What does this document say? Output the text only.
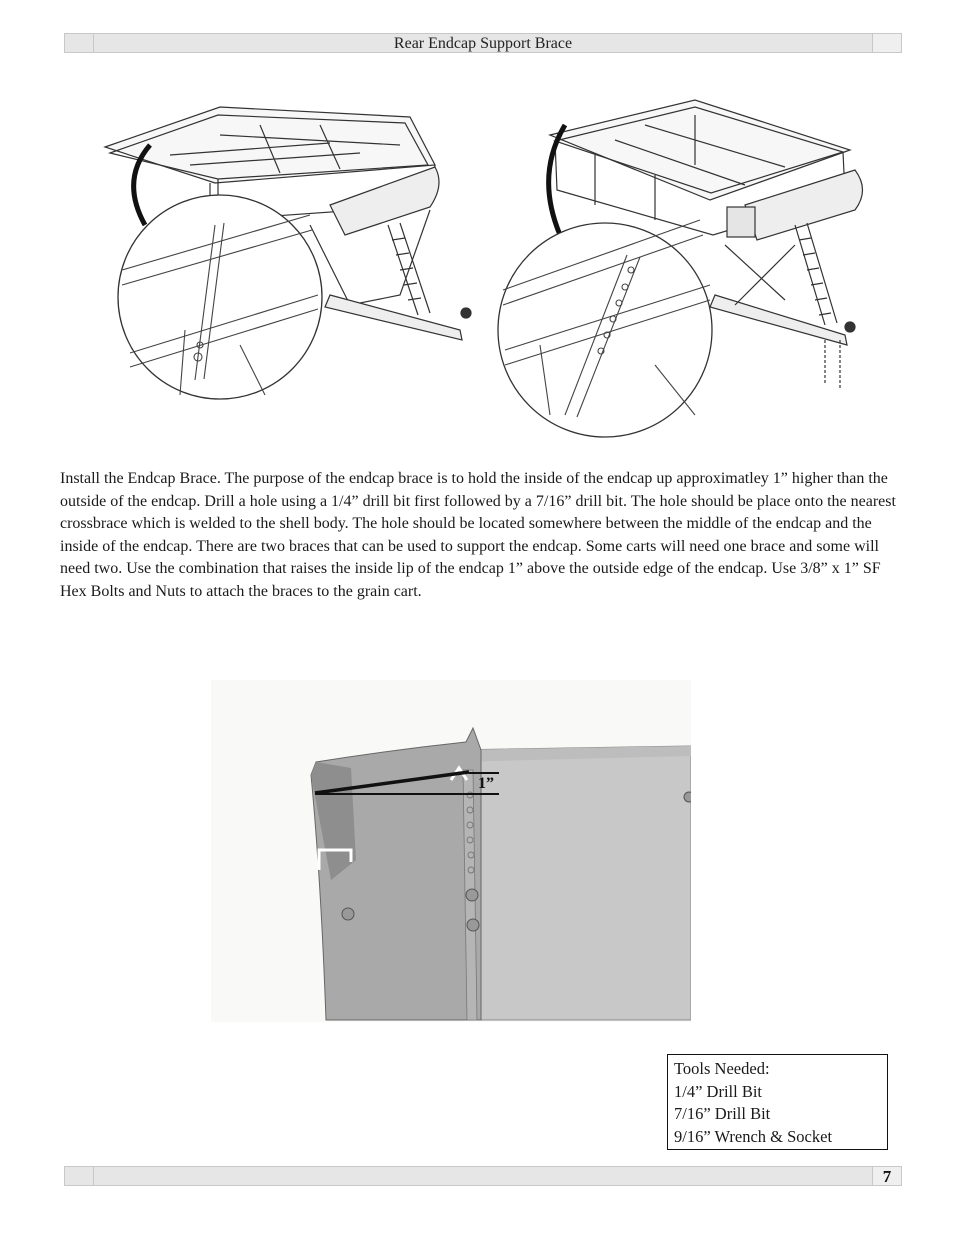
Rear Endcap Support Brace

Install the Endcap Brace. The purpose of the endcap brace is to hold the inside of the endcap up approximatley 1” higher than the outside of the endcap. Drill a hole using a 1/4” drill bit first followed by a 7/16” drill bit. The hole should be place onto the nearest crossbrace which is welded to the shell body. The hole should be located somewhere between the middle of the endcap and the inside of the endcap. There are two braces that can be used to support the endcap. Some carts will need one brace and some will need two. Use the combination that raises the inside lip of the endcap 1” above the outside edge of the endcap. Use 3/8” x 1” SF Hex Bolts and Nuts to attach the braces to the grain cart.

1”
Tools Needed:
1/4” Drill Bit
7/16” Drill Bit
9/16” Wrench & Socket
7
